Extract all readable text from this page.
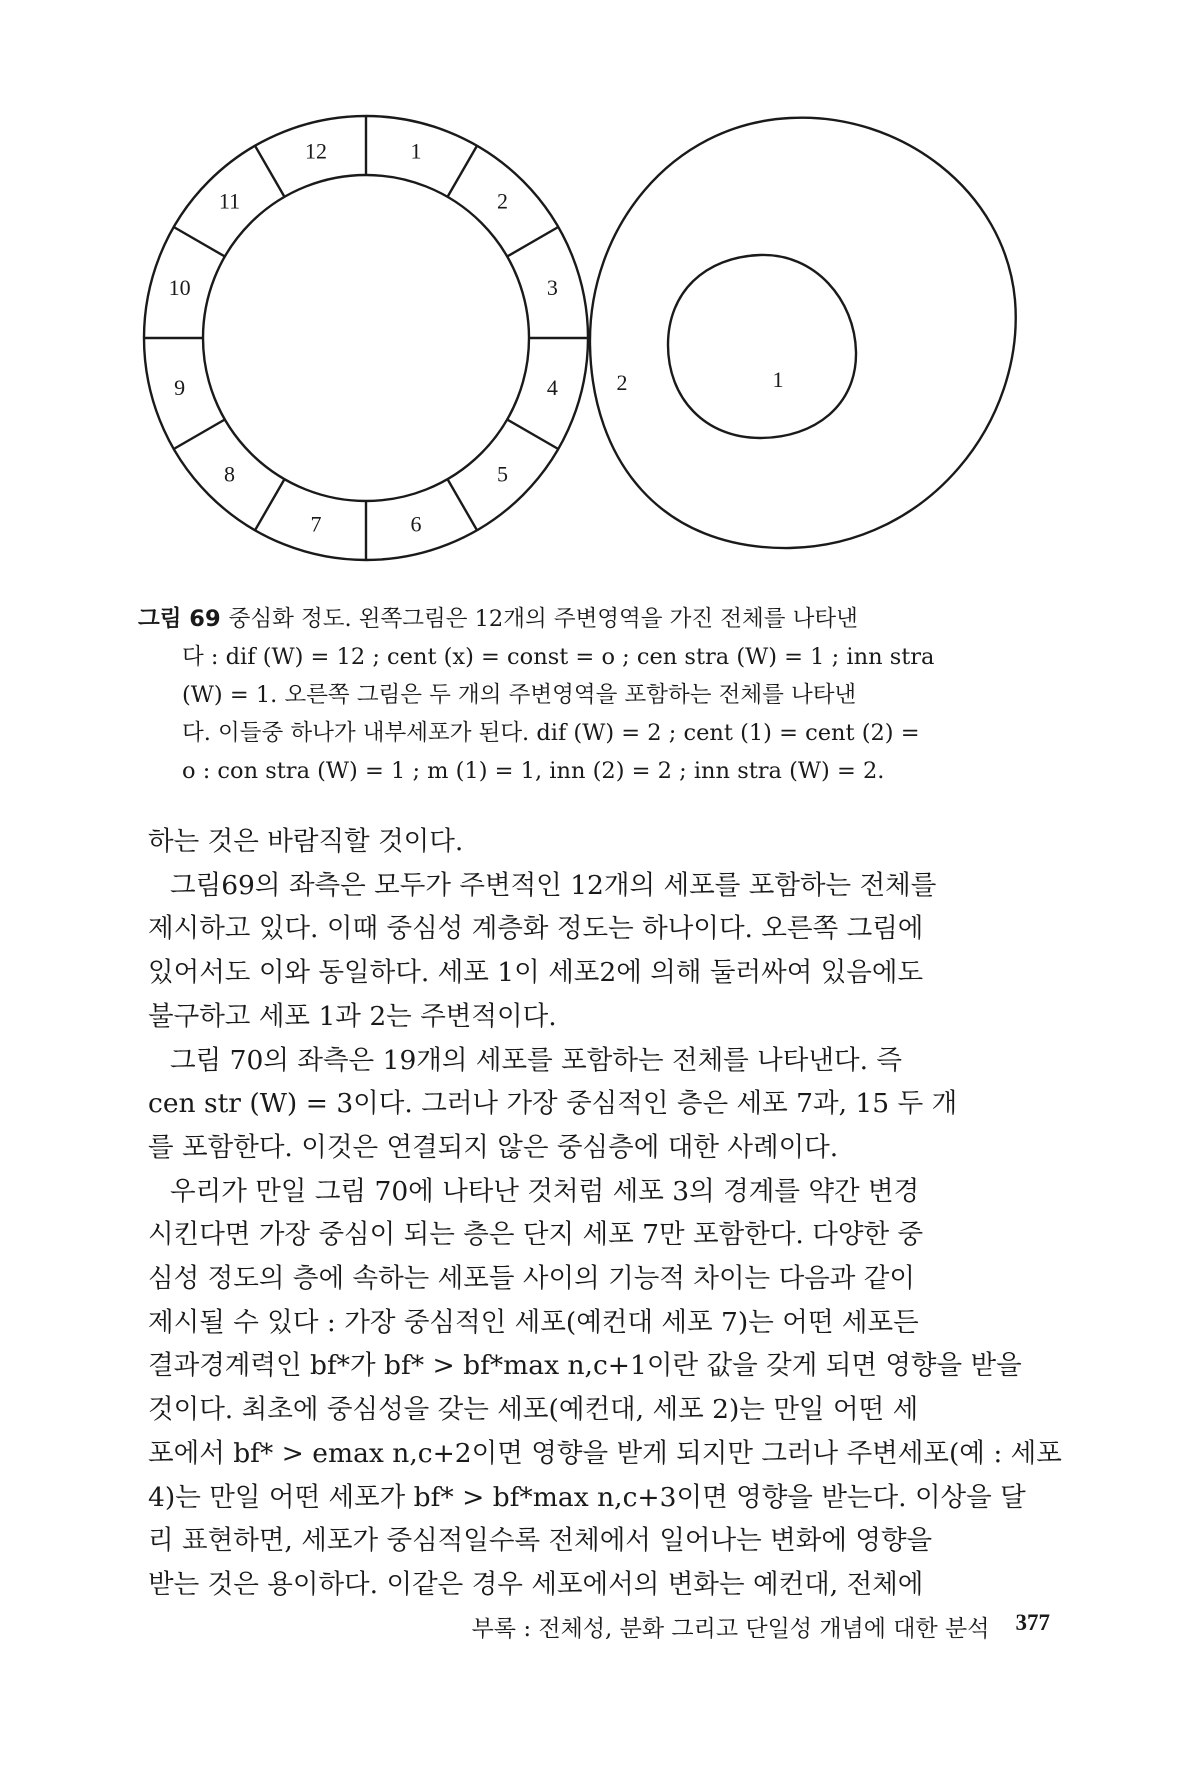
12	1
2
3
4
5
6
7
8
9
10
11
2	1
그림 69 중심화 정도. 왼쪽그림은 12개의 주변영역을 가진 전체를 나타낸
다 : dif (W) = 12 ; cent (x) = const = o ; cen stra (W) = 1 ; inn stra
(W) = 1. 오른쪽 그림은 두 개의 주변영역을 포함하는 전체를 나타낸
다. 이들중 하나가 내부세포가 된다. dif (W) = 2 ; cent (1) = cent (2) =
o : con stra (W) = 1 ; m (1) = 1, inn (2) = 2 ; inn stra (W) = 2.
하는 것은 바람직할 것이다.
그림69의 좌측은 모두가 주변적인 12개의 세포를 포함하는 전체를
제시하고 있다. 이때 중심성 계층화 정도는 하나이다. 오른쪽 그림에
있어서도 이와 동일하다. 세포 1이 세포2에 의해 둘러싸여 있음에도
불구하고 세포 1과 2는 주변적이다.
그림 70의 좌측은 19개의 세포를 포함하는 전체를 나타낸다. 즉
cen str (W) = 3이다. 그러나 가장 중심적인 층은 세포 7과, 15 두 개
를 포함한다. 이것은 연결되지 않은 중심층에 대한 사례이다.
우리가 만일 그림 70에 나타난 것처럼 세포 3의 경계를 약간 변경
시킨다면 가장 중심이 되는 층은 단지 세포 7만 포함한다. 다양한 중
심성 정도의 층에 속하는 세포들 사이의 기능적 차이는 다음과 같이
제시될 수 있다 : 가장 중심적인 세포(예컨대 세포 7)는 어떤 세포든
결과경계력인 bf*가 bf* > bf*max n,c+1이란 값을 갖게 되면 영향을 받을
것이다. 최초에 중심성을 갖는 세포(예컨대, 세포 2)는 만일 어떤 세
포에서 bf* > emax n,c+2이면 영향을 받게 되지만 그러나 주변세포(예 : 세포
4)는 만일 어떤 세포가 bf* > bf*max n,c+3이면 영향을 받는다. 이상을 달
리 표현하면, 세포가 중심적일수록 전체에서 일어나는 변화에 영향을
받는 것은 용이하다. 이같은 경우 세포에서의 변화는 예컨대, 전체에
부록 : 전체성, 분화 그리고 단일성 개념에 대한 분석 377
